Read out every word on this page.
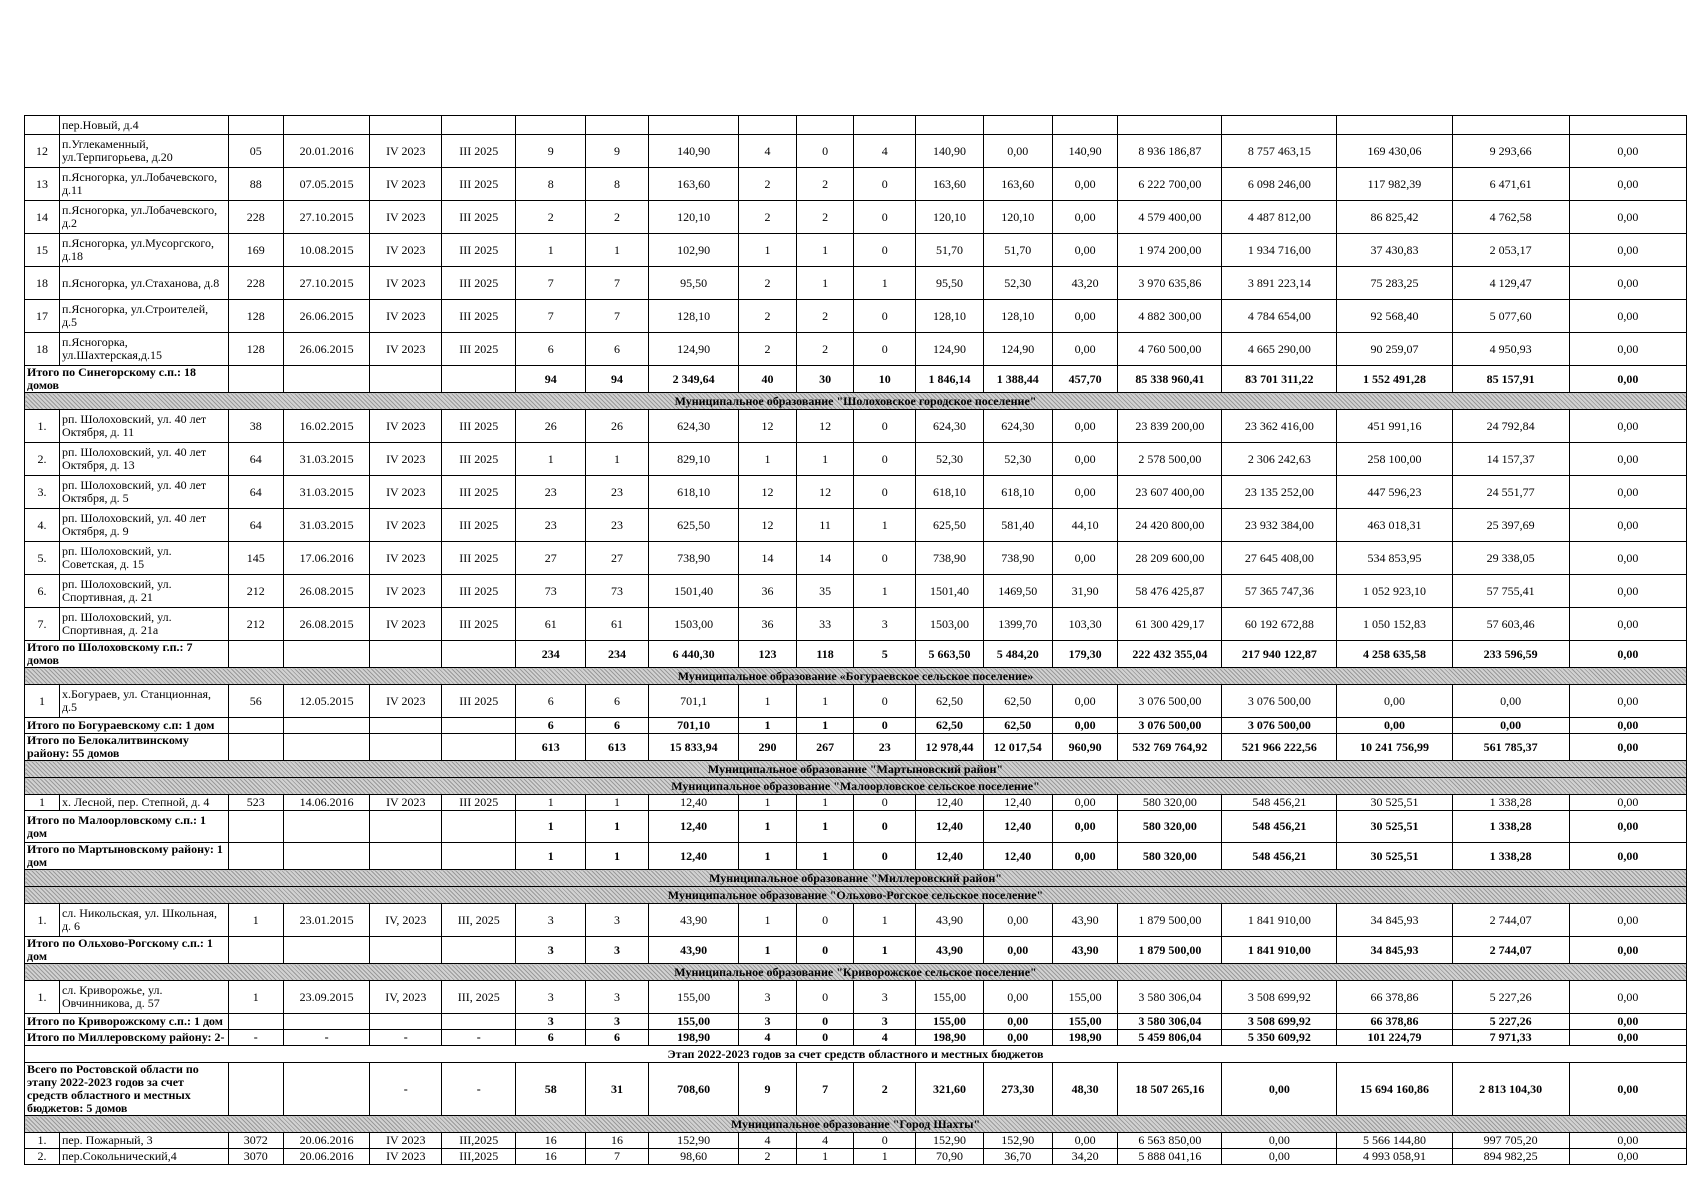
	пер.Новый, д.4																		
12	п.Углекаменный, ул.Терпигорьева, д.20	05	20.01.2016	IV 2023	III 2025	9	9	140,90	4	0	4	140,90	0,00	140,90	8 936 186,87	8 757 463,15	169 430,06	9 293,66	0,00
13	п.Ясногорка, ул.Лобачевского, д.11	88	07.05.2015	IV 2023	III 2025	8	8	163,60	2	2	0	163,60	163,60	0,00	6 222 700,00	6 098 246,00	117 982,39	6 471,61	0,00
14	п.Ясногорка, ул.Лобачевского, д.2	228	27.10.2015	IV 2023	III 2025	2	2	120,10	2	2	0	120,10	120,10	0,00	4 579 400,00	4 487 812,00	86 825,42	4 762,58	0,00
15	п.Ясногорка, ул.Мусоргского, д.18	169	10.08.2015	IV 2023	III 2025	1	1	102,90	1	1	0	51,70	51,70	0,00	1 974 200,00	1 934 716,00	37 430,83	2 053,17	0,00
18	п.Ясногорка, ул.Стаханова, д.8	228	27.10.2015	IV 2023	III 2025	7	7	95,50	2	1	1	95,50	52,30	43,20	3 970 635,86	3 891 223,14	75 283,25	4 129,47	0,00
17	п.Ясногорка, ул.Строителей, д.5	128	26.06.2015	IV 2023	III 2025	7	7	128,10	2	2	0	128,10	128,10	0,00	4 882 300,00	4 784 654,00	92 568,40	5 077,60	0,00
18	п.Ясногорка, ул.Шахтерская,д.15	128	26.06.2015	IV 2023	III 2025	6	6	124,90	2	2	0	124,90	124,90	0,00	4 760 500,00	4 665 290,00	90 259,07	4 950,93	0,00
Итого по Синегорскому с.п.: 18 домов						94	94	2 349,64	40	30	10	1 846,14	1 388,44	457,70	85 338 960,41	83 701 311,22	1 552 491,28	85 157,91	0,00
Муниципальное образование "Шолоховское городское поселение"																			
1.	рп. Шолоховский, ул. 40 лет Октября, д. 11	38	16.02.2015	IV 2023	III 2025	26	26	624,30	12	12	0	624,30	624,30	0,00	23 839 200,00	23 362 416,00	451 991,16	24 792,84	0,00
2.	рп. Шолоховский, ул. 40 лет Октября, д. 13	64	31.03.2015	IV 2023	III 2025	1	1	829,10	1	1	0	52,30	52,30	0,00	2 578 500,00	2 306 242,63	258 100,00	14 157,37	0,00
3.	рп. Шолоховский, ул. 40 лет Октября, д. 5	64	31.03.2015	IV 2023	III 2025	23	23	618,10	12	12	0	618,10	618,10	0,00	23 607 400,00	23 135 252,00	447 596,23	24 551,77	0,00
4.	рп. Шолоховский, ул. 40 лет Октября, д. 9	64	31.03.2015	IV 2023	III 2025	23	23	625,50	12	11	1	625,50	581,40	44,10	24 420 800,00	23 932 384,00	463 018,31	25 397,69	0,00
5.	рп. Шолоховский, ул. Советская, д. 15	145	17.06.2016	IV 2023	III 2025	27	27	738,90	14	14	0	738,90	738,90	0,00	28 209 600,00	27 645 408,00	534 853,95	29 338,05	0,00
6.	рп. Шолоховский, ул. Спортивная, д. 21	212	26.08.2015	IV 2023	III 2025	73	73	1501,40	36	35	1	1501,40	1469,50	31,90	58 476 425,87	57 365 747,36	1 052 923,10	57 755,41	0,00
7.	рп. Шолоховский, ул. Спортивная, д. 21а	212	26.08.2015	IV 2023	III 2025	61	61	1503,00	36	33	3	1503,00	1399,70	103,30	61 300 429,17	60 192 672,88	1 050 152,83	57 603,46	0,00
Итого по Шолоховскому г.п.: 7 домов						234	234	6 440,30	123	118	5	5 663,50	5 484,20	179,30	222 432 355,04	217 940 122,87	4 258 635,58	233 596,59	0,00
Муниципальное образование «Богураевское сельское поселение»																			
1	х.Богураев, ул. Станционная, д.5	56	12.05.2015	IV 2023	III 2025	6	6	701,1	1	1	0	62,50	62,50	0,00	3 076 500,00	3 076 500,00	0,00	0,00	0,00
Итого по Богураевскому с.п: 1 дом						6	6	701,10	1	1	0	62,50	62,50	0,00	3 076 500,00	3 076 500,00	0,00	0,00	0,00
Итого по Белокалитвинскому району: 55 домов						613	613	15 833,94	290	267	23	12 978,44	12 017,54	960,90	532 769 764,92	521 966 222,56	10 241 756,99	561 785,37	0,00
Муниципальное образование "Мартыновский район"																			
Муниципальное образование "Малоорловское сельское поселение"																			
1	х. Лесной, пер. Степной, д. 4	523	14.06.2016	IV 2023	III 2025	1	1	12,40	1	1	0	12,40	12,40	0,00	580 320,00	548 456,21	30 525,51	1 338,28	0,00
Итого по Малоорловскому с.п.: 1 дом						1	1	12,40	1	1	0	12,40	12,40	0,00	580 320,00	548 456,21	30 525,51	1 338,28	0,00
Итого по Мартыновскому району: 1 дом						1	1	12,40	1	1	0	12,40	12,40	0,00	580 320,00	548 456,21	30 525,51	1 338,28	0,00
Муниципальное образование "Миллеровский район"																			
Муниципальное образование "Ольхово-Рогское сельское поселение"																			
1.	сл. Никольская, ул. Школьная, д. 6	1	23.01.2015	IV, 2023	III, 2025	3	3	43,90	1	0	1	43,90	0,00	43,90	1 879 500,00	1 841 910,00	34 845,93	2 744,07	0,00
Итого по Ольхово-Рогскому с.п.: 1 дом						3	3	43,90	1	0	1	43,90	0,00	43,90	1 879 500,00	1 841 910,00	34 845,93	2 744,07	0,00
Муниципальное образование "Криворожское сельское поселение"																			
1.	сл. Криворожье, ул. Овчинникова, д. 57	1	23.09.2015	IV, 2023	III, 2025	3	3	155,00	3	0	3	155,00	0,00	155,00	3 580 306,04	3 508 699,92	66 378,86	5 227,26	0,00
Итого по Криворожскому с.п.: 1 дом						3	3	155,00	3	0	3	155,00	0,00	155,00	3 580 306,04	3 508 699,92	66 378,86	5 227,26	0,00
Итого по Миллеровскому району: 2-		-	-	-	-	6	6	198,90	4	0	4	198,90	0,00	198,90	5 459 806,04	5 350 609,92	101 224,79	7 971,33	0,00
Этап 2022-2023 годов за счет средств областного и местных бюджетов																			
Всего по Ростовской области по этапу 2022-2023 годов за счет средств областного и местных бюджетов: 5 домов				-	-	58	31	708,60	9	7	2	321,60	273,30	48,30	18 507 265,16	0,00	15 694 160,86	2 813 104,30	0,00
Муниципальное образование "Город Шахты"																			
1.	пер. Пожарный, 3	3072	20.06.2016	IV 2023	III,2025	16	16	152,90	4	4	0	152,90	152,90	0,00	6 563 850,00	0,00	5 566 144,80	997 705,20	0,00
2.	пер.Сокольнический,4	3070	20.06.2016	IV 2023	III,2025	16	7	98,60	2	1	1	70,90	36,70	34,20	5 888 041,16	0,00	4 993 058,91	894 982,25	0,00
